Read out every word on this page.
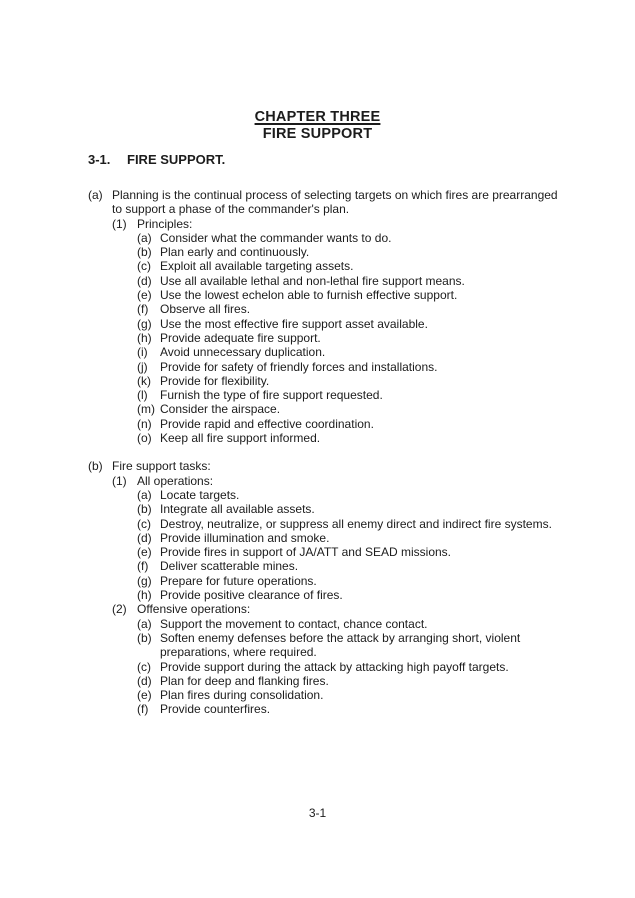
CHAPTER THREE
FIRE SUPPORT
3-1.	FIRE SUPPORT.
(a) Planning is the continual process of selecting targets on which fires are prearranged
to support a phase of the commander's plan.
(1) Principles:
(a) Consider what the commander wants to do.
(b) Plan early and continuously.
(c) Exploit all available targeting assets.
(d) Use all available lethal and non-lethal fire support means.
(e) Use the lowest echelon able to furnish effective support.
(f) Observe all fires.
(g) Use the most effective fire support asset available.
(h) Provide adequate fire support.
(i)	Avoid unnecessary duplication.
(j)	Provide for safety of friendly forces and installations.
(k) Provide for flexibility.
(l)	Furnish the type of fire support requested.
(m) Consider the airspace.
(n) Provide rapid and effective coordination.
(o) Keep all fire support informed.
(b) Fire support tasks:
(1) All operations:
(a) Locate targets.
(b) Integrate all available assets.
(c) Destroy, neutralize, or suppress all enemy direct and indirect fire systems.
(d) Provide illumination and smoke.
(e) Provide fires in support of JA/ATT and SEAD missions.
(f) Deliver scatterable mines.
(g) Prepare for future operations.
(h) Provide positive clearance of fires.
(2) Offensive operations:
(a) Support the movement to contact, chance contact.
(b) Soften enemy defenses before the attack by arranging short, violent
preparations, where required.
(c) Provide support during the attack by attacking high payoff targets.
(d) Plan for deep and flanking fires.
(e) Plan fires during consolidation.
(f) Provide counterfires.
3-1
